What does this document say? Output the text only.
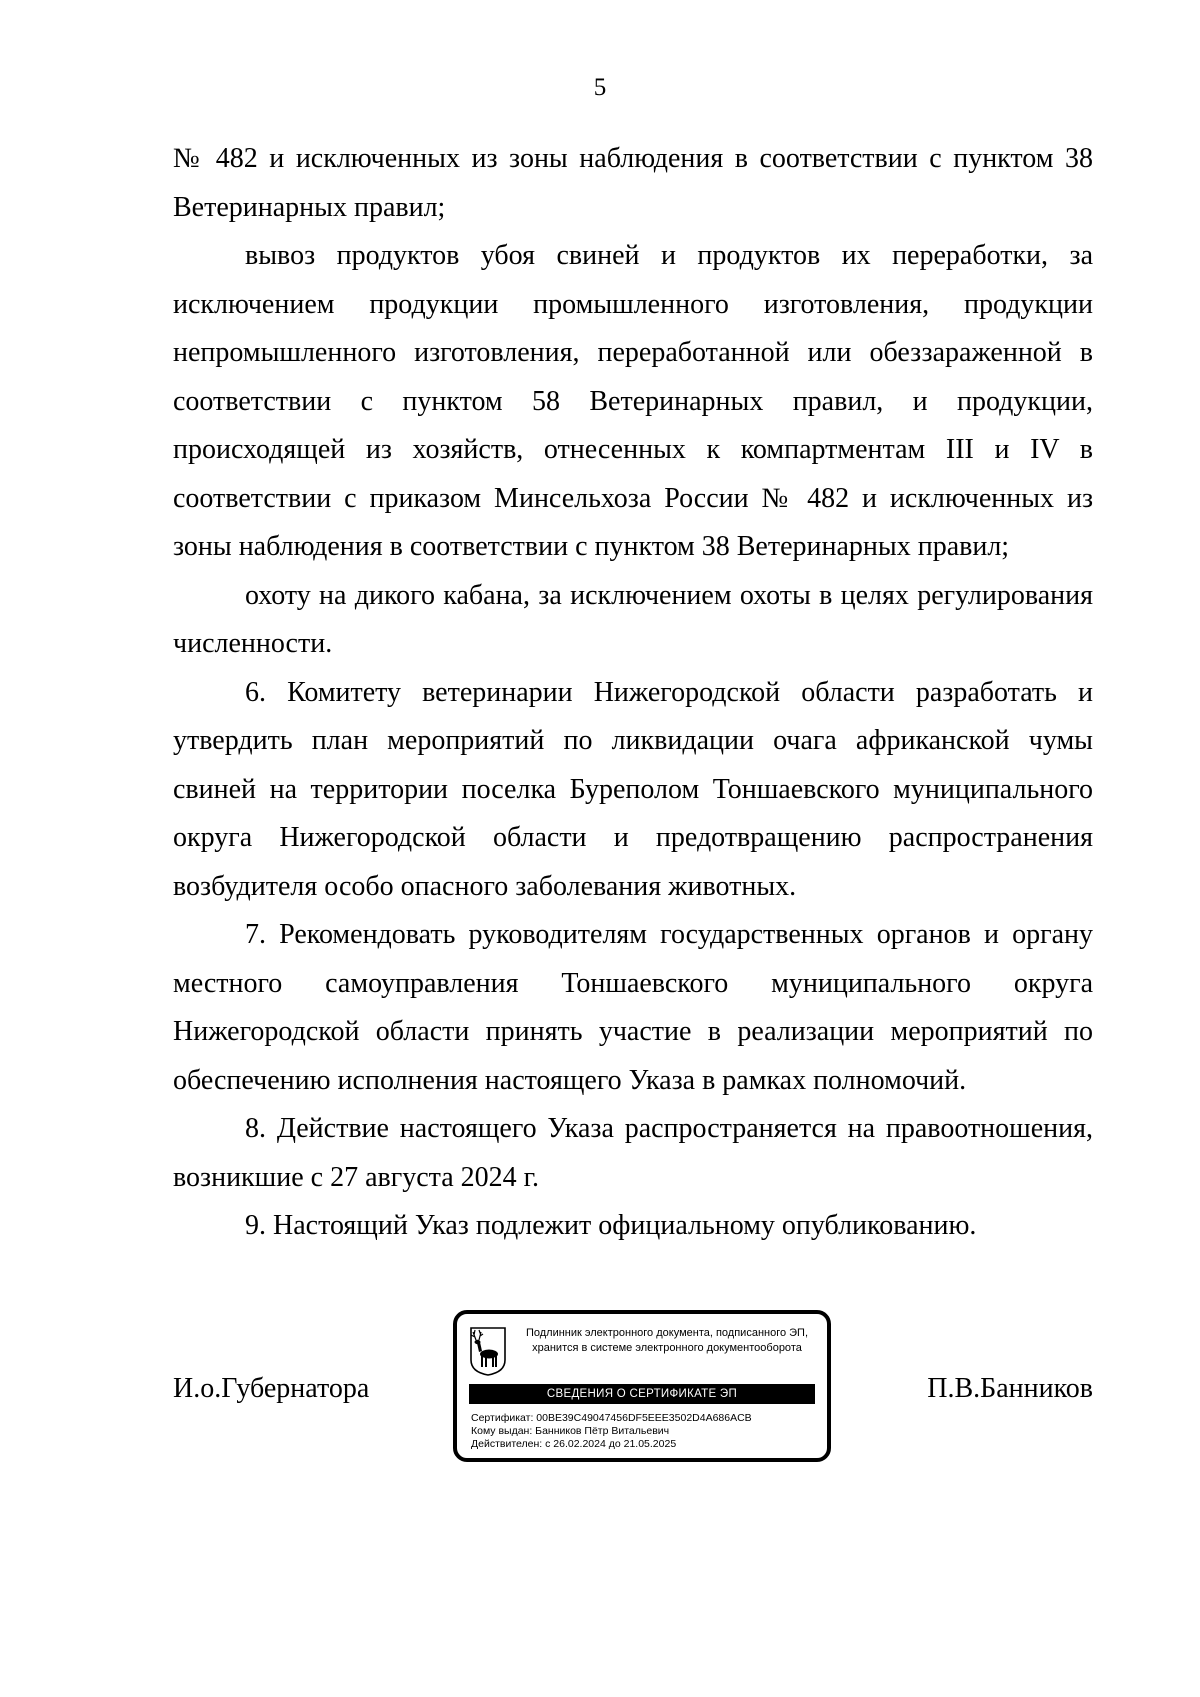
5

№ 482 и исключенных из зоны наблюдения в соответствии с пунктом 38 Ветеринарных правил;

вывоз продуктов убоя свиней и продуктов их переработки, за исключением продукции промышленного изготовления, продукции непромышленного изготовления, переработанной или обеззараженной в соответствии с пунктом 58 Ветеринарных правил, и продукции, происходящей из хозяйств, отнесенных к компартментам III и IV в соответствии с приказом Минсельхоза России № 482 и исключенных из зоны наблюдения в соответствии с пунктом 38 Ветеринарных правил;

охоту на дикого кабана, за исключением охоты в целях регулирования численности.

6. Комитету ветеринарии Нижегородской области разработать и утвердить план мероприятий по ликвидации очага африканской чумы свиней на территории поселка Буреполом Тоншаевского муниципального округа Нижегородской области и предотвращению распространения возбудителя особо опасного заболевания животных.

7. Рекомендовать руководителям государственных органов и органу местного самоуправления Тоншаевского муниципального округа Нижегородской области принять участие в реализации мероприятий по обеспечению исполнения настоящего Указа в рамках полномочий.

8. Действие настоящего Указа распространяется на правоотношения, возникшие с 27 августа 2024 г.

9. Настоящий Указ подлежит официальному опубликованию.

И.о.Губернатора
Подлинник электронного документа, подписанного ЭП,
хранится в системе электронного документооборота
СВЕДЕНИЯ О СЕРТИФИКАТЕ ЭП
Сертификат: 00BE39C49047456DF5EEE3502D4A686ACB
Кому выдан: Банников Пётр Витальевич
Действителен: с 26.02.2024 до 21.05.2025
П.В.Банников
